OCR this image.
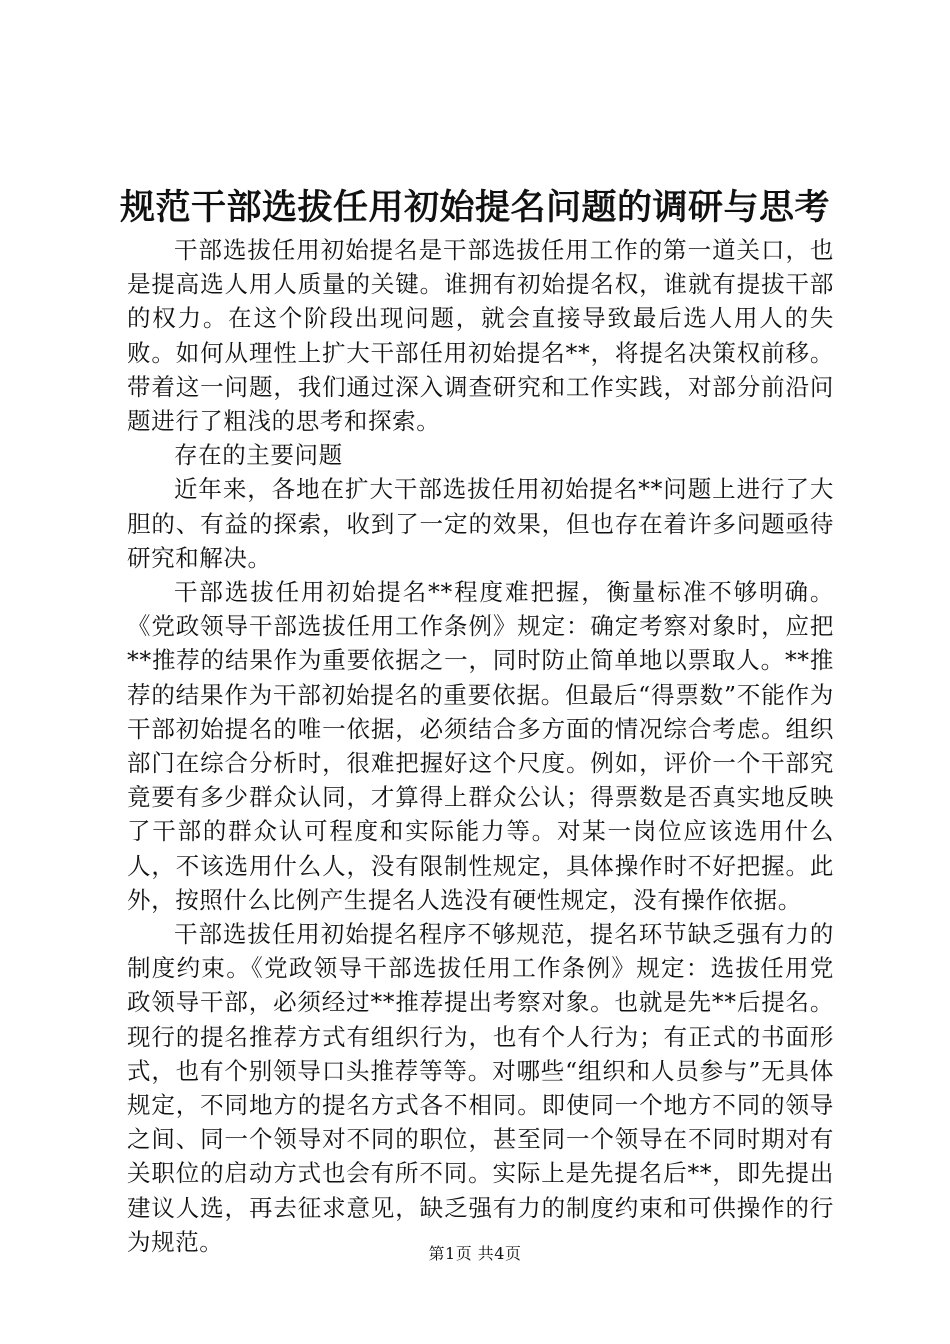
规范干部选拔任用初始提名问题的调研与思考

干部选拔任用初始提名是干部选拔任用工作的第一道关口，也是提高选人用人质量的关键。谁拥有初始提名权，谁就有提拔干部的权力。在这个阶段出现问题，就会直接导致最后选人用人的失败。如何从理性上扩大干部任用初始提名**，将提名决策权前移。带着这一问题，我们通过深入调查研究和工作实践，对部分前沿问题进行了粗浅的思考和探索。

存在的主要问题

近年来，各地在扩大干部选拔任用初始提名**问题上进行了大胆的、有益的探索，收到了一定的效果，但也存在着许多问题亟待研究和解决。

干部选拔任用初始提名**程度难把握，衡量标准不够明确。《党政领导干部选拔任用工作条例》规定：确定考察对象时，应把**推荐的结果作为重要依据之一，同时防止简单地以票取人。**推荐的结果作为干部初始提名的重要依据。但最后“得票数”不能作为干部初始提名的唯一依据，必须结合多方面的情况综合考虑。组织部门在综合分析时，很难把握好这个尺度。例如，评价一个干部究竟要有多少群众认同，才算得上群众公认；得票数是否真实地反映了干部的群众认可程度和实际能力等。对某一岗位应该选用什么人，不该选用什么人，没有限制性规定，具体操作时不好把握。此外，按照什么比例产生提名人选没有硬性规定，没有操作依据。

干部选拔任用初始提名程序不够规范，提名环节缺乏强有力的制度约束。《党政领导干部选拔任用工作条例》规定：选拔任用党政领导干部，必须经过**推荐提出考察对象。也就是先**后提名。现行的提名推荐方式有组织行为，也有个人行为；有正式的书面形式，也有个别领导口头推荐等等。对哪些“组织和人员参与”无具体规定，不同地方的提名方式各不相同。即使同一个地方不同的领导之间、同一个领导对不同的职位，甚至同一个领导在不同时期对有关职位的启动方式也会有所不同。实际上是先提名后**，即先提出建议人选，再去征求意见，缺乏强有力的制度约束和可供操作的行为规范。	第1页 共4页
